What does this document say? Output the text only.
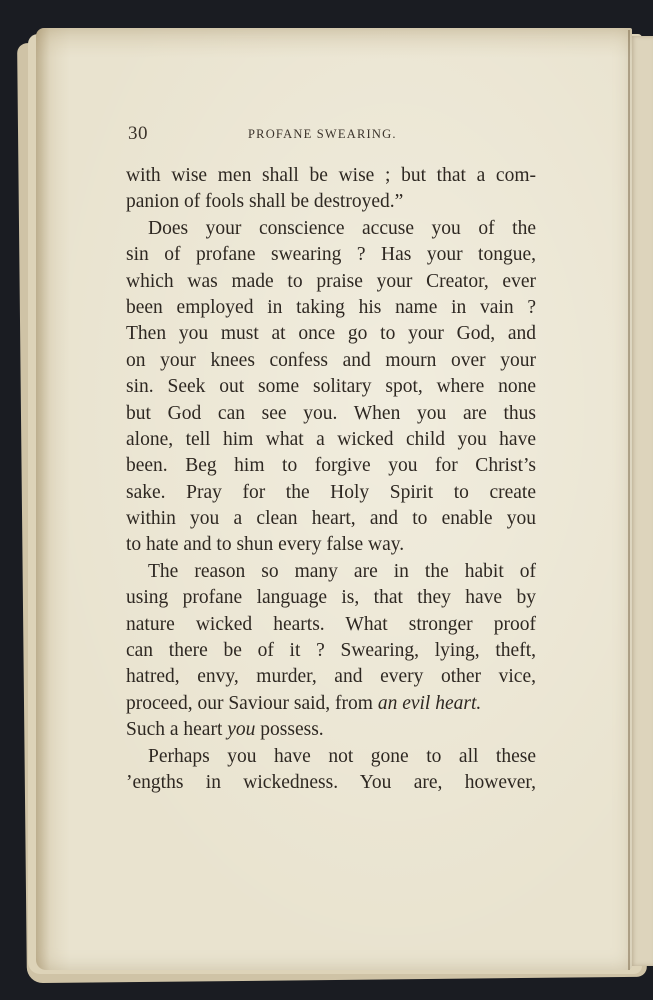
30	PROFANE SWEARING.
with wise men shall be wise ; but that a com-
panion of fools shall be destroyed.”
Does your conscience accuse you of the
sin of profane swearing ? Has your tongue,
which was made to praise your Creator, ever
been employed in taking his name in vain ?
Then you must at once go to your God, and
on your knees confess and mourn over your
sin. Seek out some solitary spot, where none
but God can see you. When you are thus
alone, tell him what a wicked child you have
been. Beg him to forgive you for Christ’s
sake. Pray for the Holy Spirit to create
within you a clean heart, and to enable you
to hate and to shun every false way.
The reason so many are in the habit of
using profane language is, that they have by
nature wicked hearts. What stronger proof
can there be of it ? Swearing, lying, theft,
hatred, envy, murder, and every other vice,
proceed, our Saviour said, from an evil heart.
Such a heart you possess.
Perhaps you have not gone to all these
’engths in wickedness. You are, however,
